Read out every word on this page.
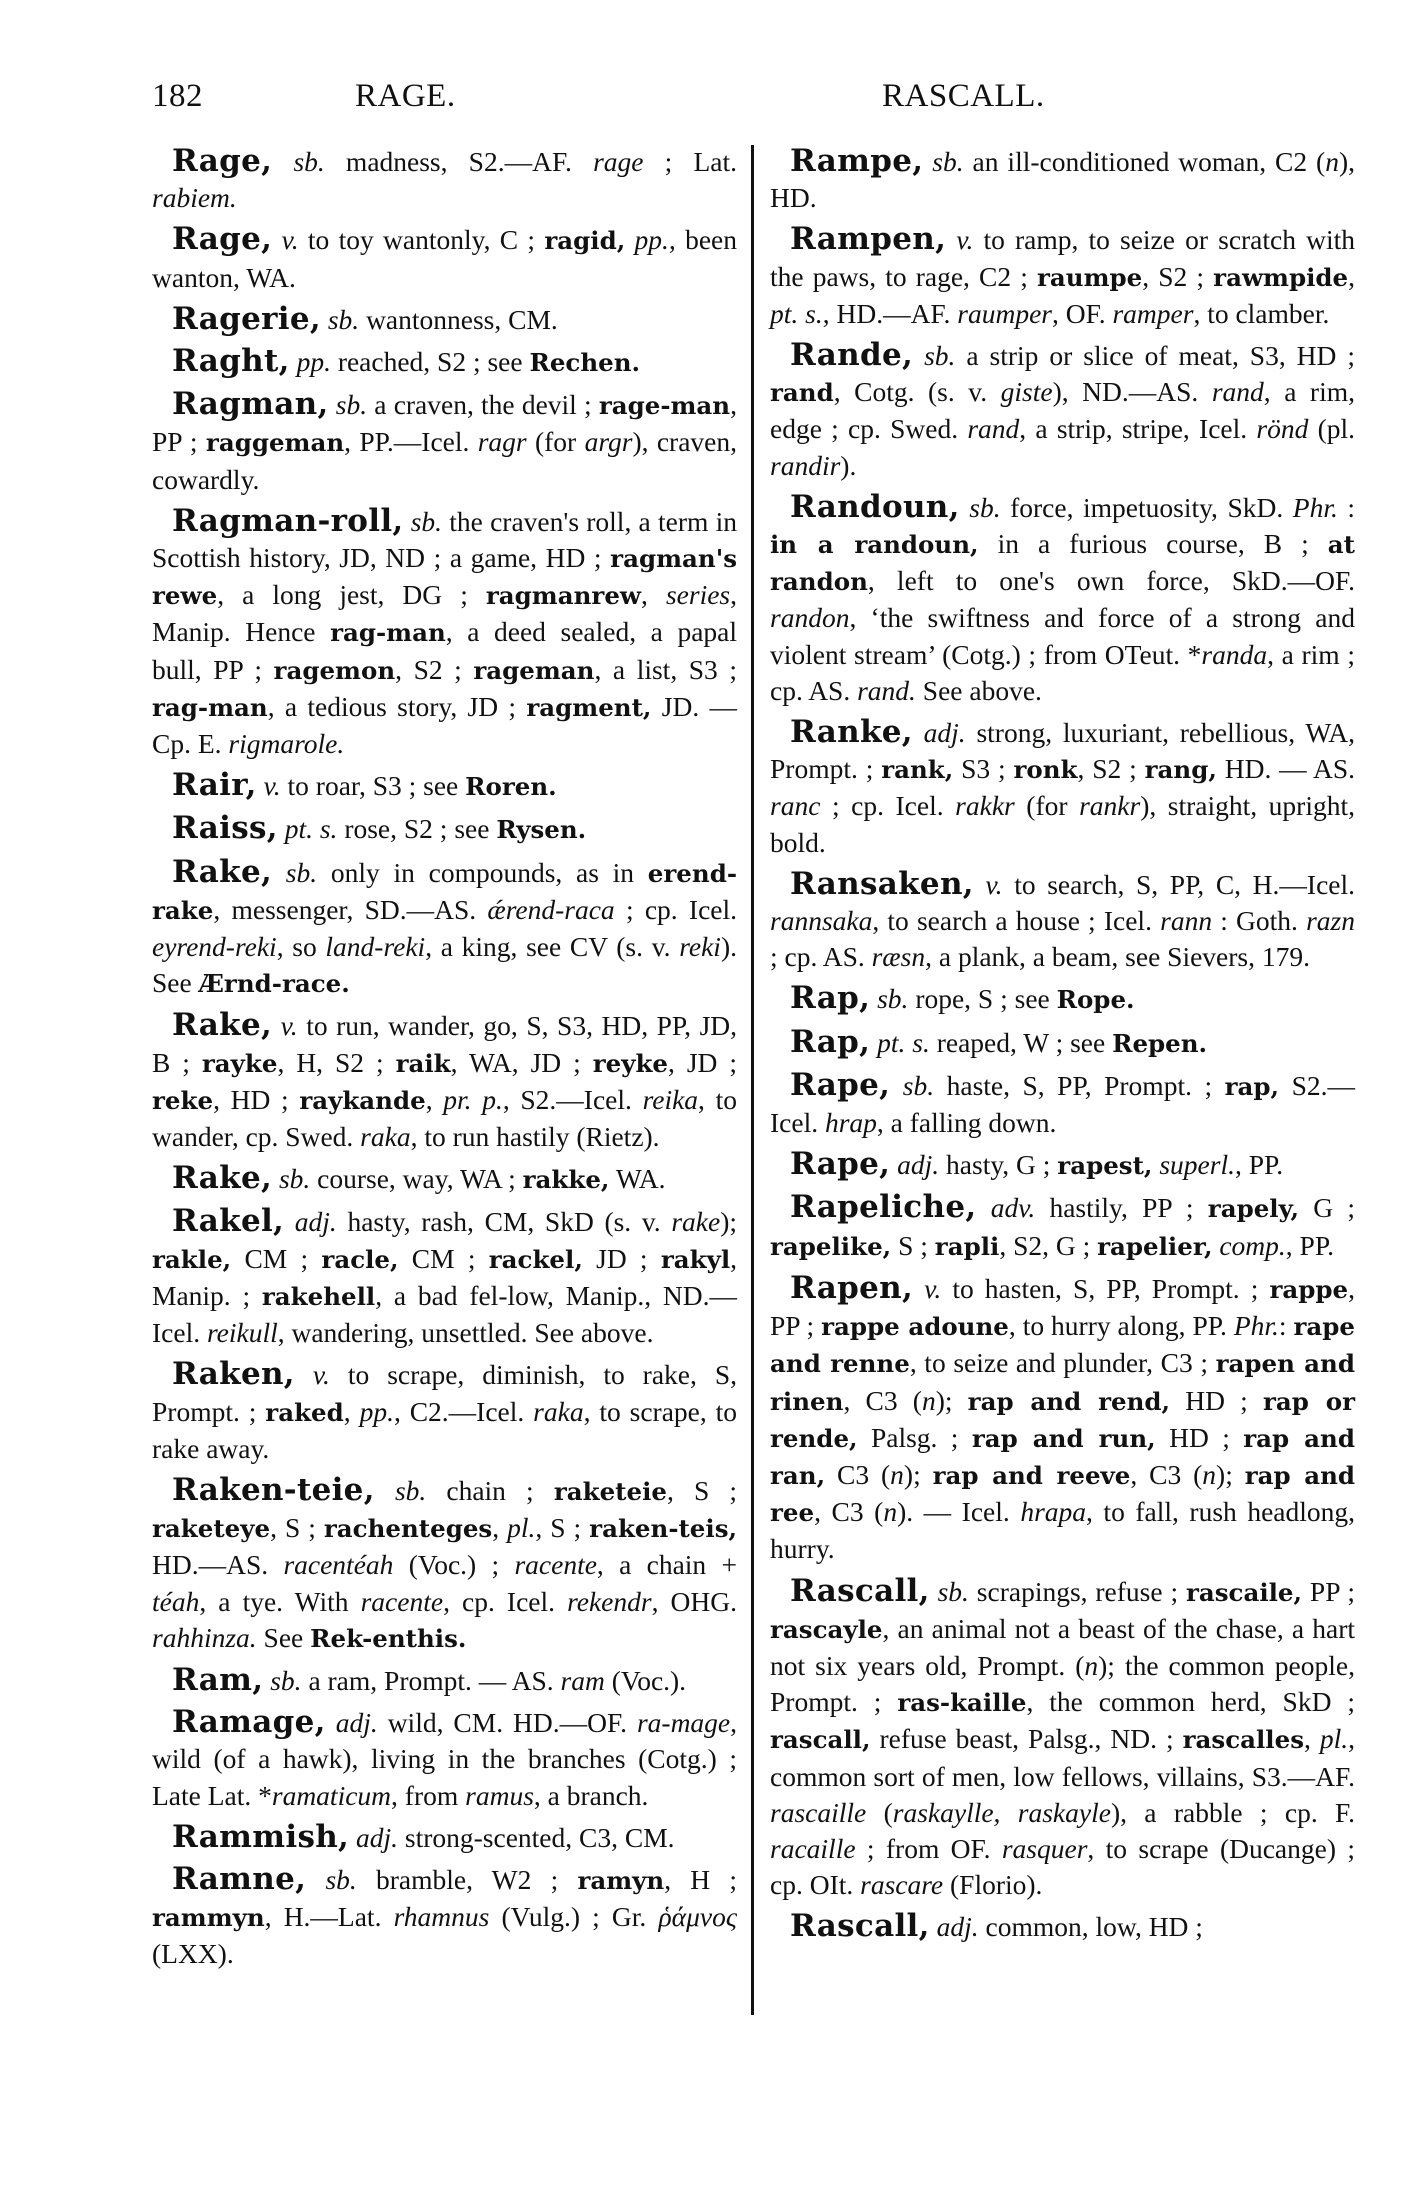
182	RAGE.	RASCALL.

Rage, sb. madness, S2.—AF. rage ; Lat. rabiem.

Rage, v. to toy wantonly, C ; ragid, pp., been wanton, WA.

Ragerie, sb. wantonness, CM.

Raght, pp. reached, S2 ; see Rechen.

Ragman, sb. a craven, the devil ; rage-man, PP ; raggeman, PP.—Icel. ragr (for argr), craven, cowardly.

Ragman-roll, sb. the craven's roll, a term in Scottish history, JD, ND ; a game, HD ; ragman's rewe, a long jest, DG ; ragmanrew, series, Manip. Hence rag-man, a deed sealed, a papal bull, PP ; ragemon, S2 ; rageman, a list, S3 ; rag-man, a tedious story, JD ; ragment, JD. —Cp. E. rigmarole.

Rair, v. to roar, S3 ; see Roren.

Raiss, pt. s. rose, S2 ; see Rysen.

Rake, sb. only in compounds, as in erend-rake, messenger, SD.—AS. ǽrend-raca ; cp. Icel. eyrend-reki, so land-reki, a king, see CV (s. v. reki). See Ærnd-race.

Rake, v. to run, wander, go, S, S3, HD, PP, JD, B ; rayke, H, S2 ; raik, WA, JD ; reyke, JD ; reke, HD ; raykande, pr. p., S2.—Icel. reika, to wander, cp. Swed. raka, to run hastily (Rietz).

Rake, sb. course, way, WA ; rakke, WA.

Rakel, adj. hasty, rash, CM, SkD (s. v. rake); rakle, CM ; racle, CM ; rackel, JD ; rakyl, Manip. ; rakehell, a bad fel-low, Manip., ND.—Icel. reikull, wandering, unsettled. See above.

Raken, v. to scrape, diminish, to rake, S, Prompt. ; raked, pp., C2.—Icel. raka, to scrape, to rake away.

Raken-teie, sb. chain ; raketeie, S ; raketeye, S ; rachenteges, pl., S ; raken-teis, HD.—AS. racentéah (Voc.) ; racente, a chain + téah, a tye. With racente, cp. Icel. rekendr, OHG. rahhinza. See Rek-enthis.

Ram, sb. a ram, Prompt. — AS. ram (Voc.).

Ramage, adj. wild, CM. HD.—OF. ra-mage, wild (of a hawk), living in the branches (Cotg.) ; Late Lat. *ramaticum, from ramus, a branch.

Rammish, adj. strong-scented, C3, CM.

Ramne, sb. bramble, W2 ; ramyn, H ; rammyn, H.—Lat. rhamnus (Vulg.) ; Gr. ῥάμνος (LXX).

Rampe, sb. an ill-conditioned woman, C2 (n), HD.

Rampen, v. to ramp, to seize or scratch with the paws, to rage, C2 ; raumpe, S2 ; rawmpide, pt. s., HD.—AF. raumper, OF. ramper, to clamber.

Rande, sb. a strip or slice of meat, S3, HD ; rand, Cotg. (s. v. giste), ND.—AS. rand, a rim, edge ; cp. Swed. rand, a strip, stripe, Icel. rönd (pl. randir).

Randoun, sb. force, impetuosity, SkD. Phr. : in a randoun, in a furious course, B ; at randon, left to one's own force, SkD.—OF. randon, ‘the swiftness and force of a strong and violent stream’ (Cotg.) ; from OTeut. *randa, a rim ; cp. AS. rand. See above.

Ranke, adj. strong, luxuriant, rebellious, WA, Prompt. ; rank, S3 ; ronk, S2 ; rang, HD. — AS. ranc ; cp. Icel. rakkr (for rankr), straight, upright, bold.

Ransaken, v. to search, S, PP, C, H.—Icel. rannsaka, to search a house ; Icel. rann : Goth. razn ; cp. AS. ræsn, a plank, a beam, see Sievers, 179.

Rap, sb. rope, S ; see Rope.

Rap, pt. s. reaped, W ; see Repen.

Rape, sb. haste, S, PP, Prompt. ; rap, S2.—Icel. hrap, a falling down.

Rape, adj. hasty, G ; rapest, superl., PP.

Rapeliche, adv. hastily, PP ; rapely, G ; rapelike, S ; rapli, S2, G ; rapelier, comp., PP.

Rapen, v. to hasten, S, PP, Prompt. ; rappe, PP ; rappe adoune, to hurry along, PP. Phr.: rape and renne, to seize and plunder, C3 ; rapen and rinen, C3 (n); rap and rend, HD ; rap or rende, Palsg. ; rap and run, HD ; rap and ran, C3 (n); rap and reeve, C3 (n); rap and ree, C3 (n). — Icel. hrapa, to fall, rush headlong, hurry.

Rascall, sb. scrapings, refuse ; rascaile, PP ; rascayle, an animal not a beast of the chase, a hart not six years old, Prompt. (n); the common people, Prompt. ; ras-kaille, the common herd, SkD ; rascall, refuse beast, Palsg., ND. ; rascalles, pl., common sort of men, low fellows, villains, S3.—AF. rascaille (raskaylle, raskayle), a rabble ; cp. F. racaille ; from OF. rasquer, to scrape (Ducange) ; cp. OIt. rascare (Florio).

Rascall, adj. common, low, HD ;
